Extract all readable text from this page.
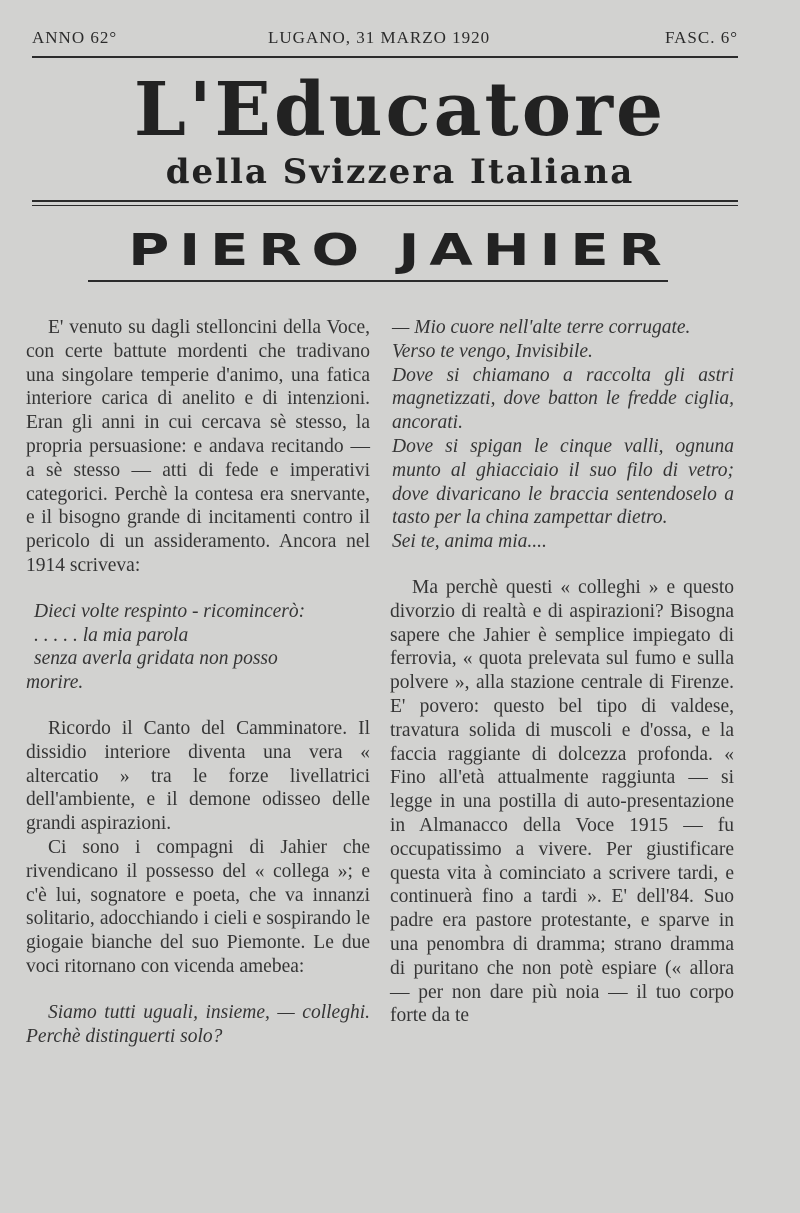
ANNO 62°	LUGANO, 31 MARZO 1920	FASC. 6°
L'Educatore
della Svizzera Italiana
PIERO JAHIER

E' venuto su dagli stelloncini della Voce, con certe battute mordenti che tradivano una singolare temperie d'animo, una fatica interiore carica di anelito e di intenzioni. Eran gli anni in cui cercava sè stesso, la propria persuasione: e andava recitando — a sè stesso — atti di fede e imperativi categorici. Perchè la contesa era snervante, e il bisogno grande di incitamenti contro il pericolo di un assideramento. Ancora nel 1914 scriveva:

Dieci volte respinto - ricomincerò:

. . . . . la mia parola

senza averla gridata non posso

morire.

Ricordo il Canto del Camminatore. Il dissidio interiore diventa una vera « altercatio » tra le forze livellatrici dell'ambiente, e il demone odisseo delle grandi aspirazioni.

Ci sono i compagni di Jahier che rivendicano il possesso del « collega »; e c'è lui, sognatore e poeta, che va innanzi solitario, adocchiando i cieli e sospirando le giogaie bianche del suo Piemonte. Le due voci ritornano con vicenda amebea:

Siamo tutti uguali, insieme, — colleghi. Perchè distinguerti solo?

— Mio cuore nell'alte terre corrugate.

Verso te vengo, Invisibile.

Dove si chiamano a raccolta gli astri magnetizzati, dove batton le fredde ciglia, ancorati.

Dove si spigan le cinque valli, ognuna munto al ghiacciaio il suo filo di vetro; dove divaricano le braccia sentendoselo a tasto per la china zampettar dietro.

Sei te, anima mia....

Ma perchè questi « colleghi » e questo divorzio di realtà e di aspirazioni? Bisogna sapere che Jahier è semplice impiegato di ferrovia, « quota prelevata sul fumo e sulla polvere », alla stazione centrale di Firenze. E' povero: questo bel tipo di valdese, travatura solida di muscoli e d'ossa, e la faccia raggiante di dolcezza profonda. « Fino all'età attualmente raggiunta — si legge in una postilla di auto-presentazione in Almanacco della Voce 1915 — fu occupatissimo a vivere. Per giustificare questa vita à cominciato a scrivere tardi, e continuerà fino a tardi ». E' dell'84. Suo padre era pastore protestante, e sparve in una penombra di dramma; strano dramma di puritano che non potè espiare (« allora — per non dare più noia — il tuo corpo forte da te
